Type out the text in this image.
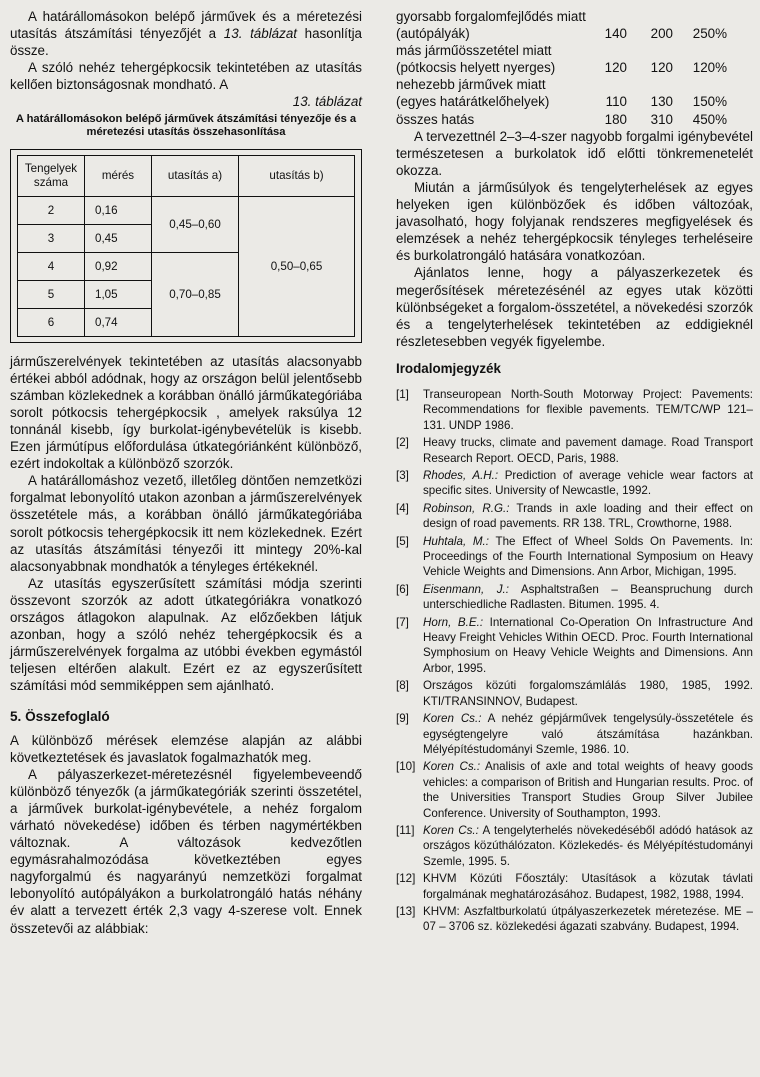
A határállomásokon belépő járművek és a méretezési utasítás átszámítási tényezőjét a 13. táblázat hasonlítja össze.

A szóló nehéz tehergépkocsik tekintetében az utasítás kellően biztonságosnak mondható. A

13. táblázat

A határállomásokon belépő járművek átszámítási tényezője és a méretezési utasítás összehasonlítása
Tengelyek száma	mérés	utasítás a)	utasítás b)
2	0,16	0,45–0,60	0,50–0,65
3	0,45		
4	0,92	0,70–0,85	
5	1,05		
6	0,74		

járműszerelvények tekintetében az utasítás alacsonyabb értékei abból adódnak, hogy az országon belül jelentősebb számban közlekednek a korábban önálló járműkategóriába sorolt pótkocsis tehergépkocsik , amelyek raksúlya 12 tonnánál kisebb, így burkolat-igénybevételük is kisebb. Ezen jármútípus előfordulása útkategóriánként különböző, ezért indokoltak a különböző szorzók.

A határállomáshoz vezető, illetőleg döntően nemzetközi forgalmat lebonyolító utakon azonban a járműszerelvények összetétele más, a korábban önálló járműkategóriába sorolt pótkocsis tehergépkocsik itt nem közlekednek. Ezért az utasítás átszámítási tényezői itt mintegy 20%-kal alacsonyabbnak mondhatók a tényleges értékeknél.

Az utasítás egyszerűsített számítási módja szerinti összevont szorzók az adott útkategóriákra vonatkozó országos átlagokon alapulnak. Az előzőekben látjuk azonban, hogy a szóló nehéz tehergépkocsik és a járműszerelvények forgalma az utóbbi években egymástól teljesen eltérően alakult. Ezért ez az egyszerűsített számítási mód semmiképpen sem ajánlható.

5. Összefoglaló

A különböző mérések elemzése alapján az alábbi következtetések és javaslatok fogalmazhatók meg.

A pályaszerkezet-méretezésnél figyelembeveendő különböző tényezők (a járműkategóriák szerinti összetétel, a járművek burkolat-igénybevétele, a nehéz forgalom várható növekedése) időben és térben nagymértékben változnak. A változások kedvezőtlen egymásrahalmozódása következtében egyes nagyforgalmú és nagyarányú nemzetközi forgalmat lebonyolító autópályákon a burkolatrongáló hatás néhány év alatt a tervezett érték 2,3 vagy 4-szerese volt. Ennek összetevői az alábbiak:

gyorsabb forgalomfejlődés miatt
(autópályák)	140	200	250%
más járműösszetétel miatt
(pótkocsis helyett nyerges)	120	120	120%
nehezebb járművek miatt
(egyes határátkelőhelyek)	110	130	150%
összes hatás	180	310	450%

A tervezettnél 2–3–4-szer nagyobb forgalmi igénybevétel természetesen a burkolatok idő előtti tönkremenetelét okozza.

Miután a járműsúlyok és tengelyterhelések az egyes helyeken igen különbözőek és időben változóak, javasolható, hogy folyjanak rendszeres megfigyelések és elemzések a nehéz tehergépkocsik tényleges terheléseire és burkolatrongáló hatására vonatkozóan.

Ajánlatos lenne, hogy a pályaszerkezetek és megerősítések méretezésénél az egyes utak közötti különbségeket a forgalom-összetétel, a növekedési szorzók és a tengelyterhelések tekintetében az eddigieknél részletesebben vegyék figyelembe.

Irodalomjegyzék
[1]	Transeuropean North-South Motorway Project: Pavements: Recommendations for flexible pavements. TEM/TC/WP 121–131. UNDP 1986.
[2]	Heavy trucks, climate and pavement damage. Road Transport Research Report. OECD, Paris, 1988.
[3]	Rhodes, A.H.: Prediction of average vehicle wear factors at specific sites. University of Newcastle, 1992.
[4]	Robinson, R.G.: Trands in axle loading and their effect on design of road pavements. RR 138. TRL, Crowthorne, 1988.
[5]	Huhtala, M.: The Effect of Wheel Solds On Pavements. In: Proceedings of the Fourth International Symposium on Heavy Vehicle Weights and Dimensions. Ann Arbor, Michigan, 1995.
[6]	Eisenmann, J.: Asphaltstraßen – Beanspruchung durch unterschiedliche Radlasten. Bitumen. 1995. 4.
[7]	Horn, B.E.: International Co-Operation On Infrastructure And Heavy Freight Vehicles Within OECD. Proc. Fourth International Symphosium on Heavy Vehicle Weights and Dimensions. Ann Arbor, 1995.
[8]	Országos közúti forgalomszámlálás 1980, 1985, 1992. KTI/TRANSINNOV, Budapest.
[9]	Koren Cs.: A nehéz gépjárművek tengelysúly-összetétele és egységtengelyre való átszámítása hazánkban. Mélyépítéstudományi Szemle, 1986. 10.
[10] Koren Cs.: Analisis of axle and total weights of heavy goods vehicles: a comparison of British and Hungarian results. Proc. of the Universities Transport Studies Group Silver Jubilee Conference. University of Southampton, 1993.
[11] Koren Cs.: A tengelyterhelés növekedéséből adódó hatások az országos közúthálózaton. Közlekedés- és Mélyépítéstudományi Szemle, 1995. 5.
[12] KHVM Közúti Főosztály: Utasítások a közutak távlati forgalmának meghatározásához. Budapest, 1982, 1988, 1994.
[13] KHVM: Aszfaltburkolatú útpályaszerkezetek méretezése. ME – 07 – 3706 sz. közlekedési ágazati szabvány. Budapest, 1994.
